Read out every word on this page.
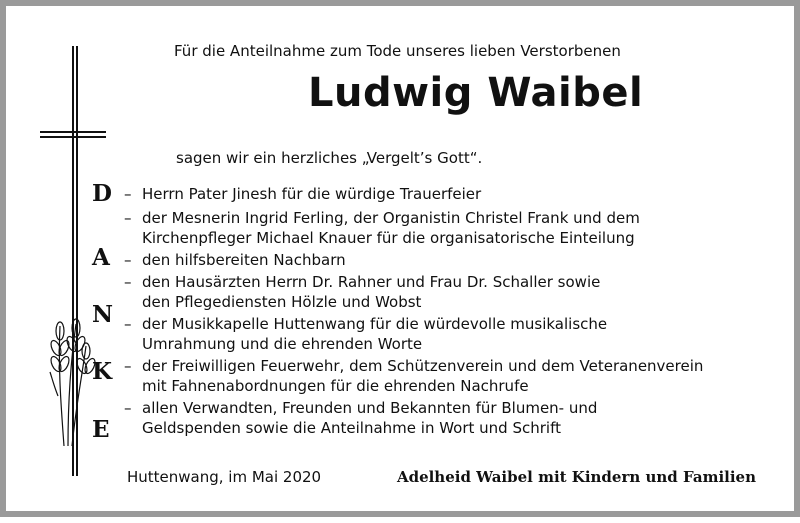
Für die Anteilnahme zum Tode unseres lieben Verstorbenen
Ludwig Waibel
sagen wir ein herzliches „Vergelt’s Gott“.
D
A
N
K
E
– Herrn Pater Jinesh für die würdige Trauerfeier
– der Mesnerin Ingrid Ferling, der Organistin Christel Frank und dem
Kirchenpfleger Michael Knauer für die organisatorische Einteilung
– den hilfsbereiten Nachbarn
– den Hausärzten Herrn Dr. Rahner und Frau Dr. Schaller sowie
den Pflegediensten Hölzle und Wobst
– der Musikkapelle Huttenwang für die würdevolle musikalische
Umrahmung und die ehrenden Worte
– der Freiwilligen Feuerwehr, dem Schützenverein und dem Veteranenverein
mit Fahnenabordnungen für die ehrenden Nachrufe
– allen Verwandten, Freunden und Bekannten für Blumen- und
Geldspenden sowie die Anteilnahme in Wort und Schrift
Huttenwang, im Mai 2020	Adelheid Waibel mit Kindern und Familien
